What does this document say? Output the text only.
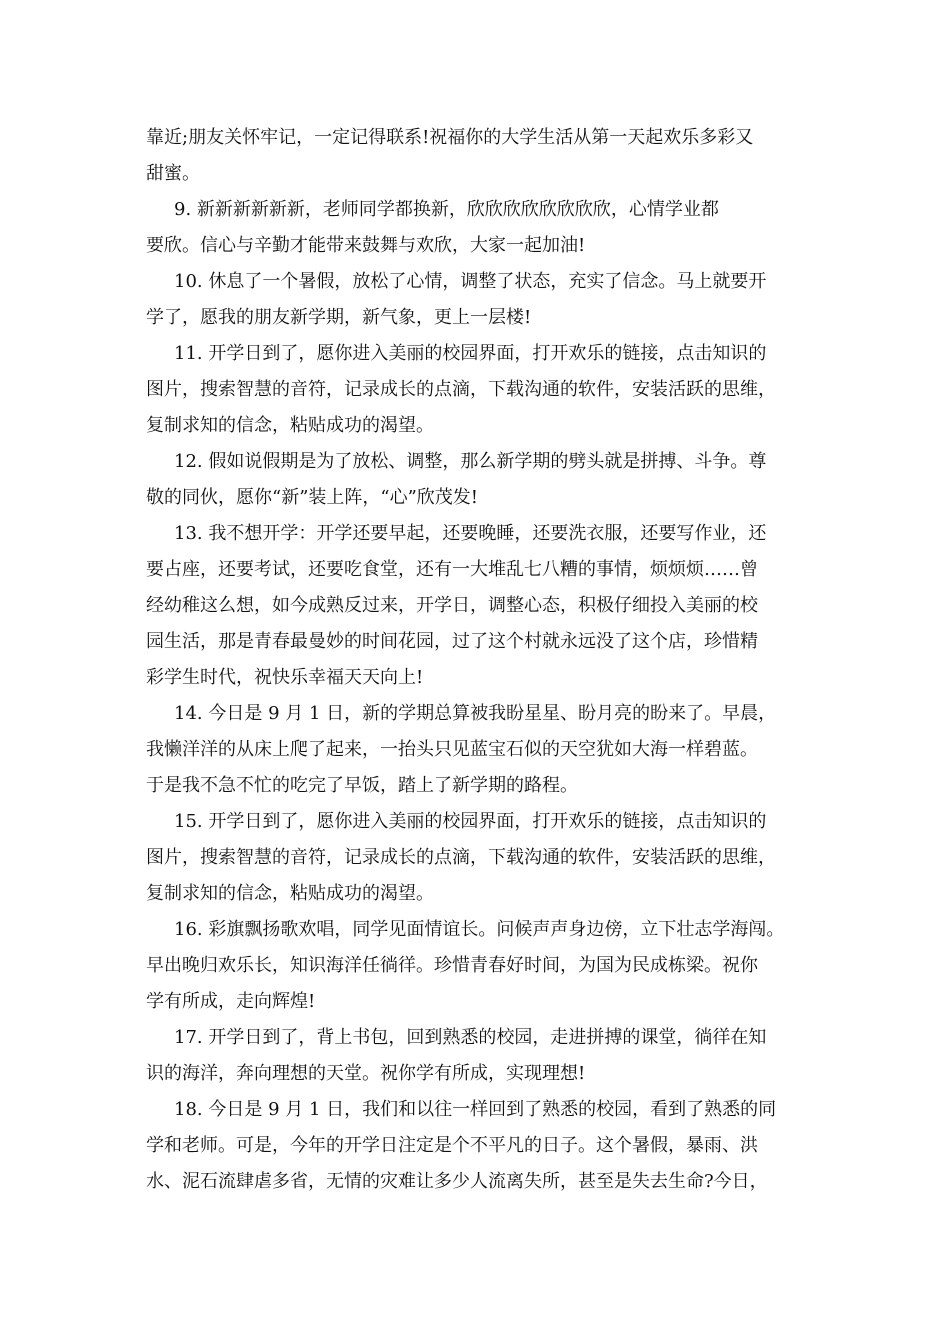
靠近;朋友关怀牢记，一定记得联系!祝福你的大学生活从第一天起欢乐多彩又
甜蜜。
9. 新新新新新新，老师同学都换新，欣欣欣欣欣欣欣欣，心情学业都
要欣。信心与辛勤才能带来鼓舞与欢欣，大家一起加油!
10. 休息了一个暑假，放松了心情，调整了状态，充实了信念。马上就要开
学了，愿我的朋友新学期，新气象，更上一层楼!
11. 开学日到了，愿你进入美丽的校园界面，打开欢乐的链接，点击知识的
图片，搜索智慧的音符，记录成长的点滴，下载沟通的软件，安装活跃的思维，
复制求知的信念，粘贴成功的渴望。
12. 假如说假期是为了放松、调整，那么新学期的劈头就是拼搏、斗争。尊
敬的同伙，愿你“新”装上阵，“心”欣茂发!
13. 我不想开学：开学还要早起，还要晚睡，还要洗衣服，还要写作业，还
要占座，还要考试，还要吃食堂，还有一大堆乱七八糟的事情，烦烦烦……曾
经幼稚这么想，如今成熟反过来，开学日，调整心态，积极仔细投入美丽的校
园生活，那是青春最曼妙的时间花园，过了这个村就永远没了这个店，珍惜精
彩学生时代，祝快乐幸福天天向上!
14. 今日是 9 月 1 日，新的学期总算被我盼星星、盼月亮的盼来了。早晨，
我懒洋洋的从床上爬了起来，一抬头只见蓝宝石似的天空犹如大海一样碧蓝。
于是我不急不忙的吃完了早饭，踏上了新学期的路程。
15. 开学日到了，愿你进入美丽的校园界面，打开欢乐的链接，点击知识的
图片，搜索智慧的音符，记录成长的点滴，下载沟通的软件，安装活跃的思维，
复制求知的信念，粘贴成功的渴望。
16. 彩旗飘扬歌欢唱，同学见面情谊长。问候声声身边傍，立下壮志学海闯。
早出晚归欢乐长，知识海洋任徜徉。珍惜青春好时间，为国为民成栋梁。祝你
学有所成，走向辉煌!
17. 开学日到了，背上书包，回到熟悉的校园，走进拼搏的课堂，徜徉在知
识的海洋，奔向理想的天堂。祝你学有所成，实现理想!
18. 今日是 9 月 1 日，我们和以往一样回到了熟悉的校园，看到了熟悉的同
学和老师。可是，今年的开学日注定是个不平凡的日子。这个暑假，暴雨、洪
水、泥石流肆虐多省，无情的灾难让多少人流离失所，甚至是失去生命?今日，
